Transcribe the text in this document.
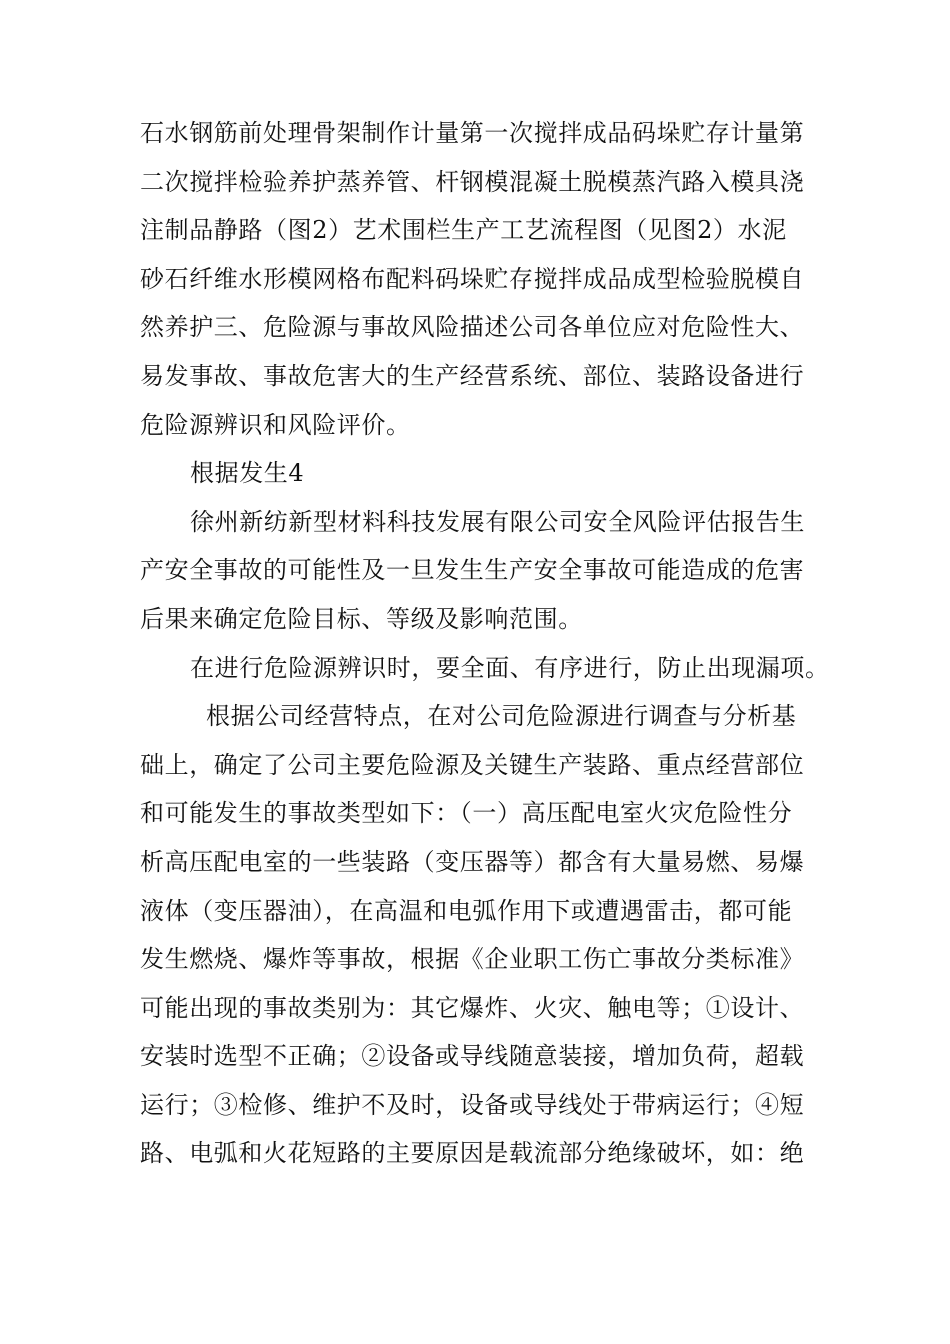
石水钢筋前处理骨架制作计量第一次搅拌成品码垛贮存计量第
二次搅拌检验养护蒸养管、杆钢模混凝土脱模蒸汽路入模具浇
注制品静路（图2）艺术围栏生产工艺流程图（见图2）水泥
砂石纤维水形模网格布配料码垛贮存搅拌成品成型检验脱模自
然养护三、危险源与事故风险描述公司各单位应对危险性大、
易发事故、事故危害大的生产经营系统、部位、装路设备进行
危险源辨识和风险评价。

根据发生4

徐州新纺新型材料科技发展有限公司安全风险评估报告生
产安全事故的可能性及一旦发生生产安全事故可能造成的危害
后果来确定危险目标、等级及影响范围。

在进行危险源辨识时，要全面、有序进行，防止出现漏项。

根据公司经营特点，在对公司危险源进行调查与分析基
础上，确定了公司主要危险源及关键生产装路、重点经营部位
和可能发生的事故类型如下：（一）高压配电室火灾危险性分
析高压配电室的一些装路（变压器等）都含有大量易燃、易爆
液体（变压器油），在高温和电弧作用下或遭遇雷击，都可能
发生燃烧、爆炸等事故，根据《企业职工伤亡事故分类标准》
可能出现的事故类别为：其它爆炸、火灾、触电等；①设计、
安装时选型不正确；②设备或导线随意装接，增加负荷，超载
运行；③检修、维护不及时，设备或导线处于带病运行；④短
路、电弧和火花短路的主要原因是载流部分绝缘破坏，如：绝
